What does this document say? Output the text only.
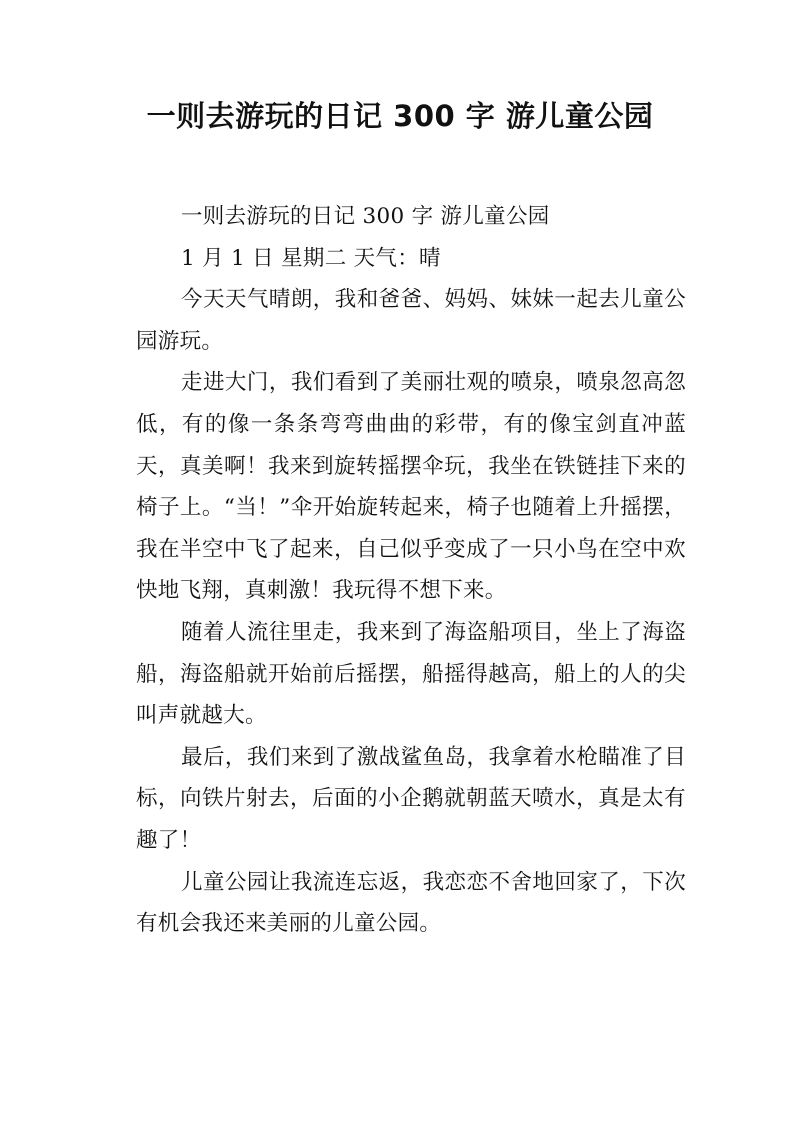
一则去游玩的日记 300 字 游儿童公园

一则去游玩的日记 300 字 游儿童公园

1 月 1 日 星期二 天气：晴

今天天气晴朗，我和爸爸、妈妈、妹妹一起去儿童公园游玩。

走进大门，我们看到了美丽壮观的喷泉，喷泉忽高忽低，有的像一条条弯弯曲曲的彩带，有的像宝剑直冲蓝天，真美啊！我来到旋转摇摆伞玩，我坐在铁链挂下来的椅子上。“当！”伞开始旋转起来，椅子也随着上升摇摆，我在半空中飞了起来，自己似乎变成了一只小鸟在空中欢快地飞翔，真刺激！我玩得不想下来。

随着人流往里走，我来到了海盗船项目，坐上了海盗船，海盗船就开始前后摇摆，船摇得越高，船上的人的尖叫声就越大。

最后，我们来到了激战鲨鱼岛，我拿着水枪瞄准了目标，向铁片射去，后面的小企鹅就朝蓝天喷水，真是太有趣了！

儿童公园让我流连忘返，我恋恋不舍地回家了，下次有机会我还来美丽的儿童公园。
